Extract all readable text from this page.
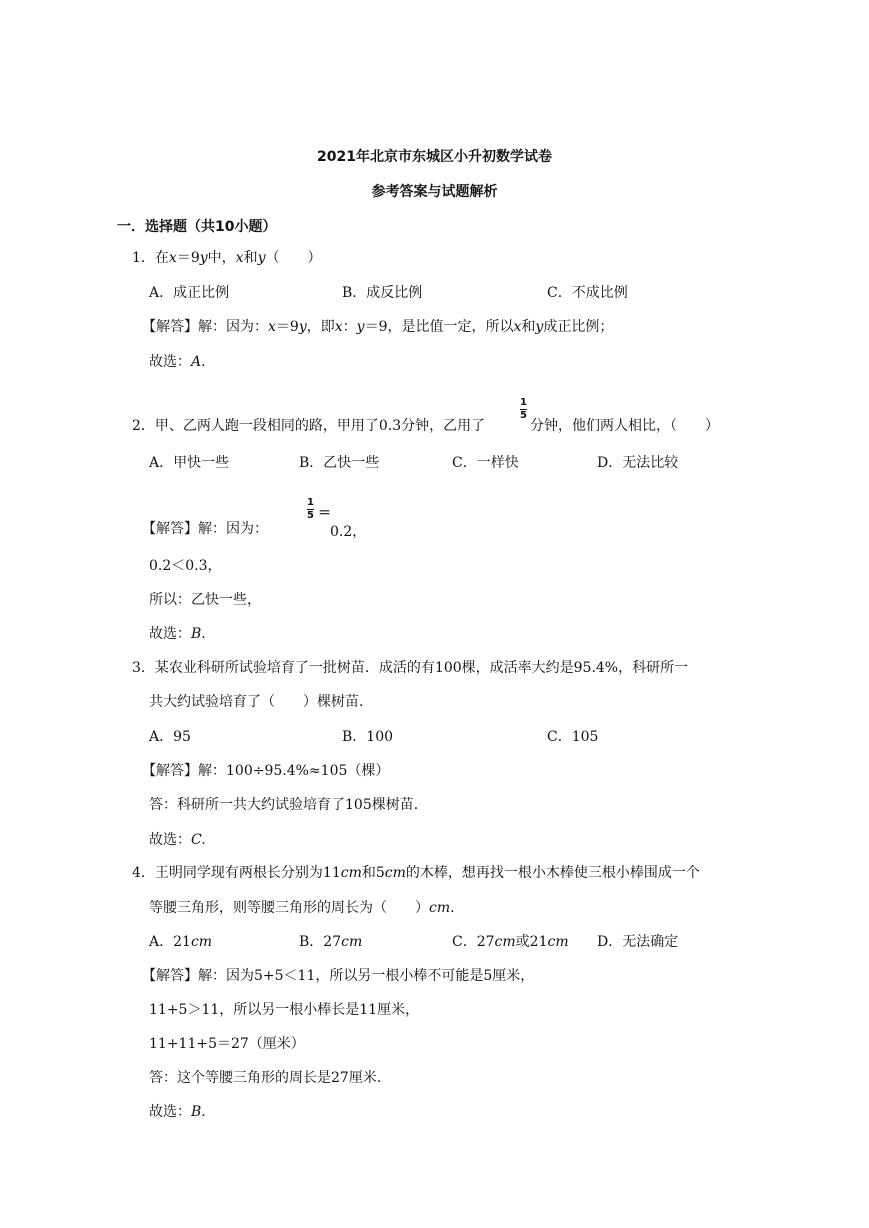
2021年北京市东城区小升初数学试卷
参考答案与试题解析
一．选择题（共10小题）
1．在x＝9y中，x和y（　　）
A．成正比例	B．成反比例	C．不成比例
【解答】解：因为：x＝9y，即x：y＝9，是比值一定，所以x和y成正比例；
故选：A.
2．甲、乙两人跑一段相同的路，甲用了0.3分钟，乙用了
1
5
分钟，他们两人相比，（　　）
A．甲快一些	B．乙快一些	C．一样快	D．无法比较
【解答】解：因为：
1
5 ＝
0.2，
0.2＜0.3，
所以：乙快一些，
故选：B.
3．某农业科研所试验培育了一批树苗．成活的有100棵，成活率大约是95.4%，科研所一
共大约试验培育了（　　）棵树苗．
A．95	B．100	C．105
【解答】解：100÷95.4%≈105（棵）
答：科研所一共大约试验培育了105棵树苗．
故选：C.
4．王明同学现有两根长分别为11cm和5cm的木棒，想再找一根小木棒使三根小棒围成一个
等腰三角形，则等腰三角形的周长为（　　）cm.
A．21cm	B．27cm	C．27cm或21cm D．无法确定
【解答】解：因为5+5＜11，所以另一根小棒不可能是5厘米，
11+5＞11，所以另一根小棒长是11厘米，
11+11+5＝27（厘米）
答：这个等腰三角形的周长是27厘米．
故选：B.
